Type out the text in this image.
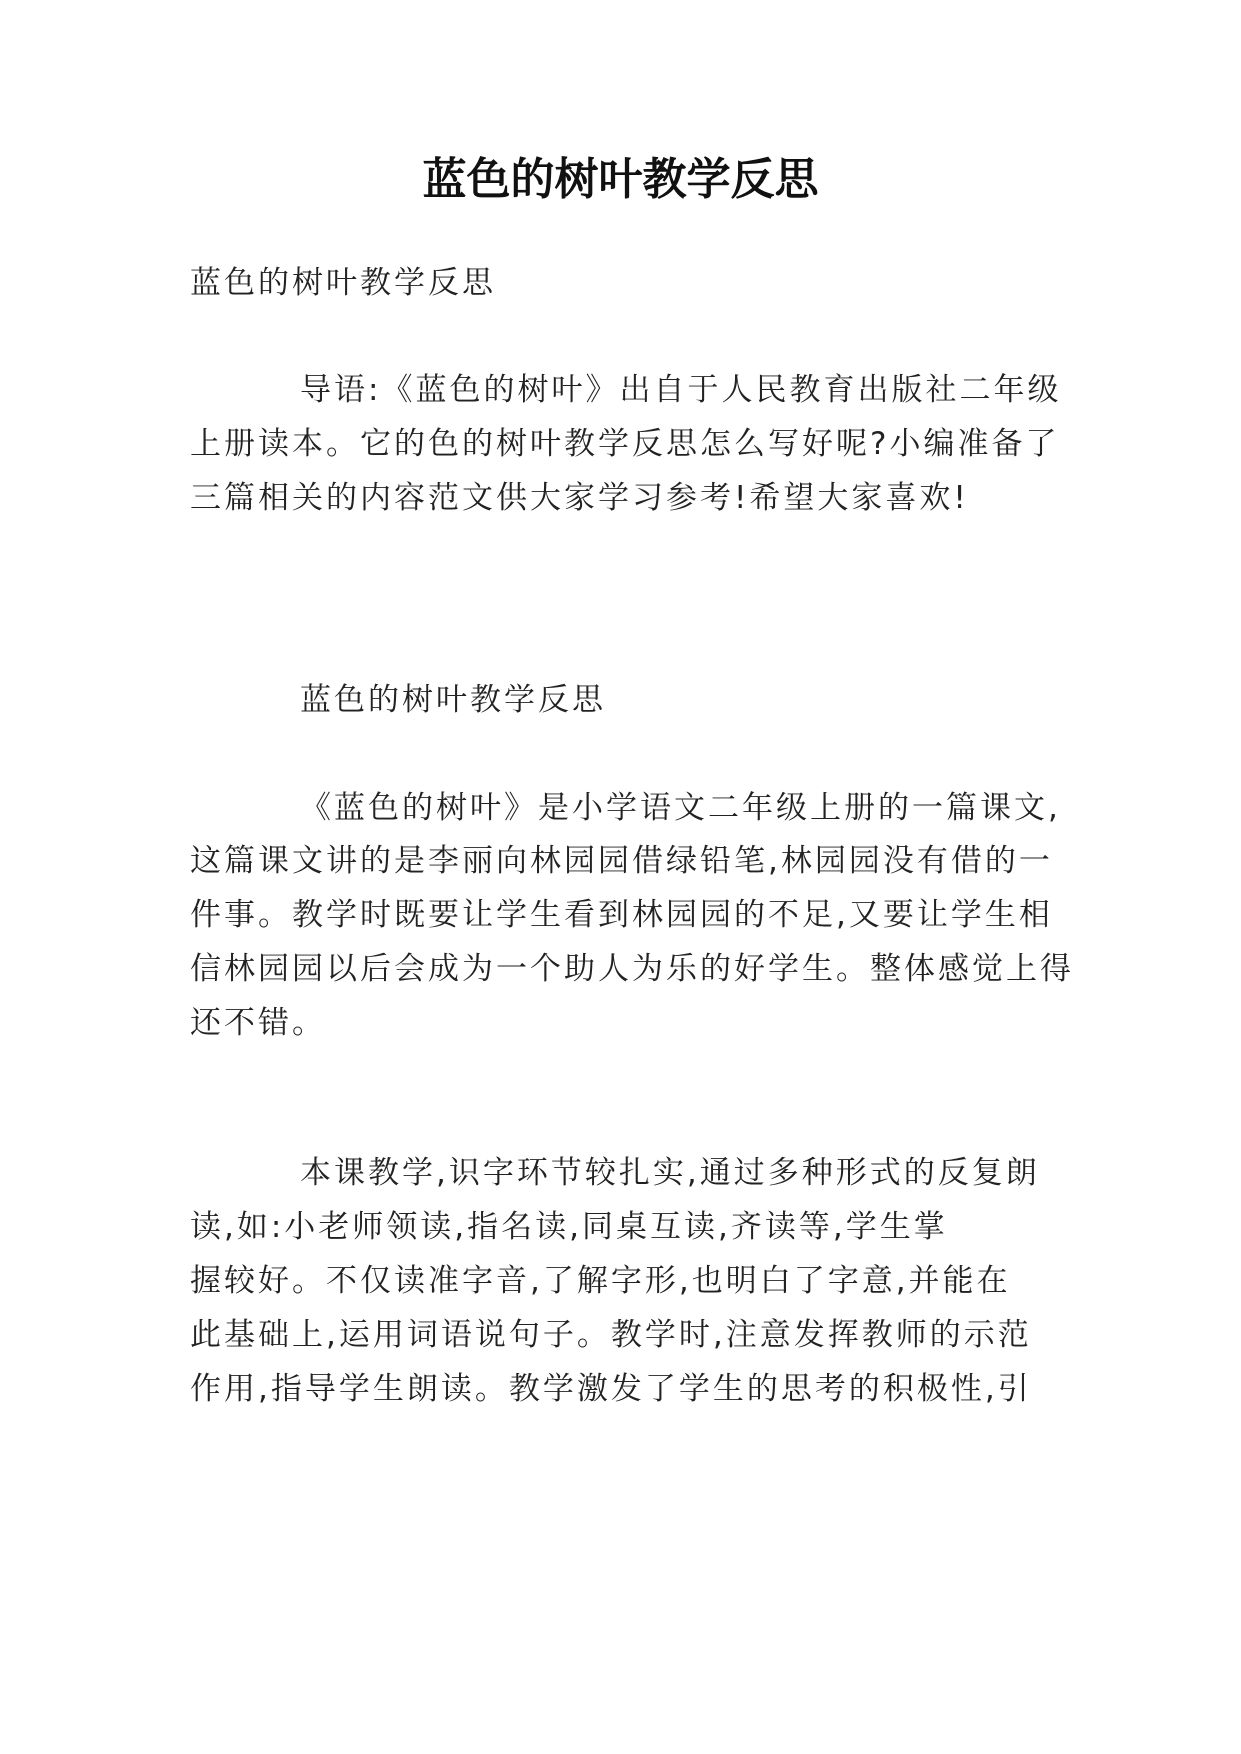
蓝色的树叶教学反思

蓝色的树叶教学反思

导语:《蓝色的树叶》出自于人民教育出版社二年级

上册读本。它的色的树叶教学反思怎么写好呢?小编准备了

三篇相关的内容范文供大家学习参考!希望大家喜欢!

蓝色的树叶教学反思

《蓝色的树叶》是小学语文二年级上册的一篇课文,

这篇课文讲的是李丽向林园园借绿铅笔,林园园没有借的一

件事。教学时既要让学生看到林园园的不足,又要让学生相

信林园园以后会成为一个助人为乐的好学生。整体感觉上得

还不错。

本课教学,识字环节较扎实,通过多种形式的反复朗

读,如:小老师领读,指名读,同桌互读,齐读等,学生掌

握较好。不仅读准字音,了解字形,也明白了字意,并能在

此基础上,运用词语说句子。教学时,注意发挥教师的示范

作用,指导学生朗读。教学激发了学生的思考的积极性,引
